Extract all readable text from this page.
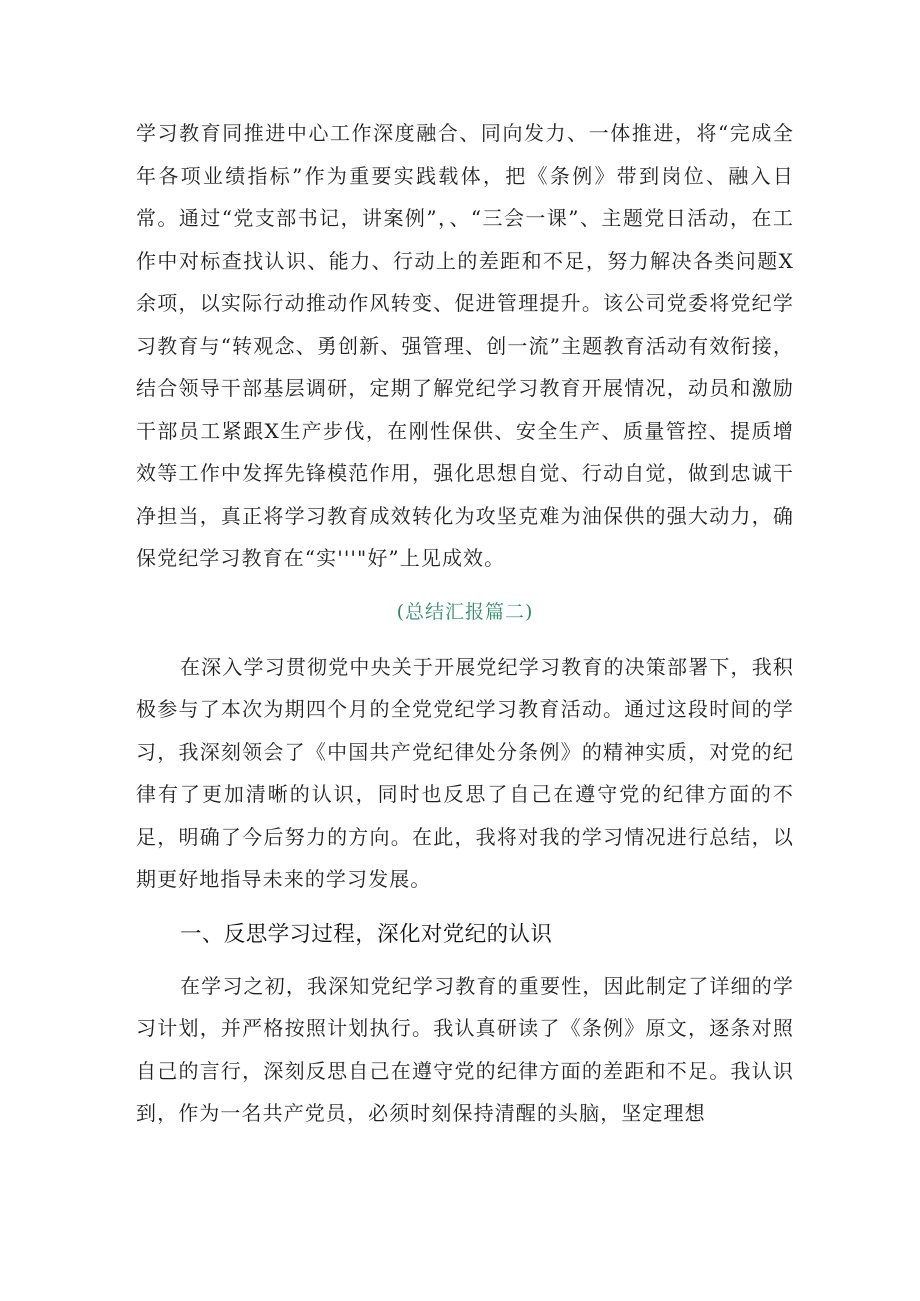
学习教育同推进中心工作深度融合、同向发力、一体推进，将“完成全年各项业绩指标”作为重要实践载体，把《条例》带到岗位、融入日常。通过“党支部书记，讲案例”，、“三会一课”、主题党日活动，在工作中对标查找认识、能力、行动上的差距和不足，努力解决各类问题X余项，以实际行动推动作风转变、促进管理提升。该公司党委将党纪学习教育与“转观念、勇创新、强管理、创一流”主题教育活动有效衔接，结合领导干部基层调研，定期了解党纪学习教育开展情况，动员和激励干部员工紧跟X生产步伐，在刚性保供、安全生产、质量管控、提质增效等工作中发挥先锋模范作用，强化思想自觉、行动自觉，做到忠诚干净担当，真正将学习教育成效转化为攻坚克难为油保供的强大动力，确保党纪学习教育在“实'''"好”上见成效。

(总结汇报篇二)

在深入学习贯彻党中央关于开展党纪学习教育的决策部署下，我积极参与了本次为期四个月的全党党纪学习教育活动。通过这段时间的学习，我深刻领会了《中国共产党纪律处分条例》的精神实质，对党的纪律有了更加清晰的认识，同时也反思了自己在遵守党的纪律方面的不足，明确了今后努力的方向。在此，我将对我的学习情况进行总结，以期更好地指导未来的学习发展。

一、反思学习过程，深化对党纪的认识

在学习之初，我深知党纪学习教育的重要性，因此制定了详细的学习计划，并严格按照计划执行。我认真研读了《条例》原文，逐条对照自己的言行，深刻反思自己在遵守党的纪律方面的差距和不足。我认识到，作为一名共产党员，必须时刻保持清醒的头脑，坚定理想
